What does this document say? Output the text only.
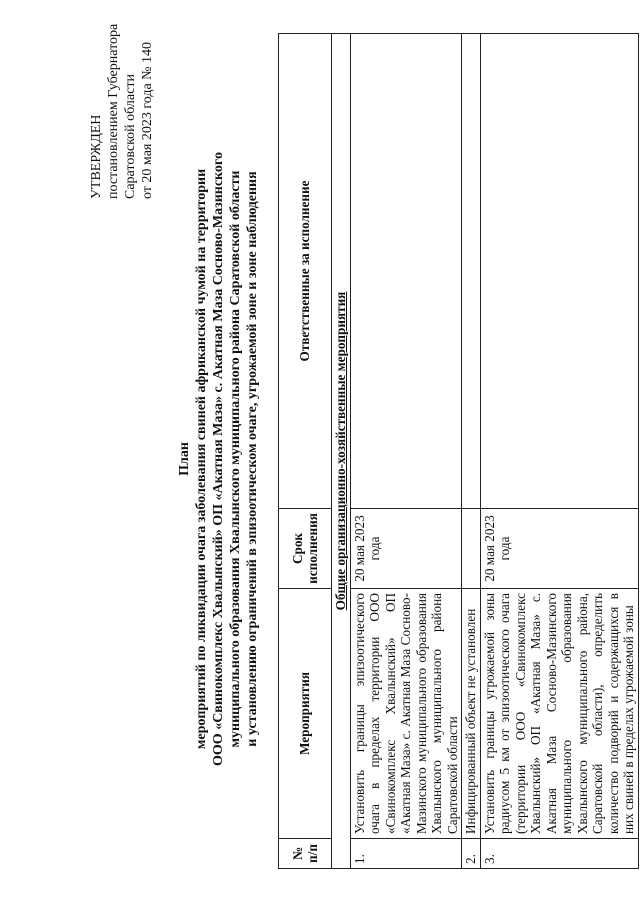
УТВЕРЖДЕН постановлением Губернатора Саратовской области от 20 мая 2023 года № 140
План мероприятий по ликвидации очага заболевания свиней африканской чумой на территории ООО «Свинокомплекс Хвалынский» ОП «Акатная Маза» с. Акатная Маза Сосново-Мазинского муниципального образования Хвалынского муниципального района Саратовской области и установлению ограничений в эпизоотическом очаге, угрожаемой зоне и зоне наблюдения
№ п/п	Мероприятия	Срок исполнения	Ответственные за исполнение
Общие организационно-хозяйственные мероприятия			
1.	Установить границы эпизоотического очага в пределах территории ООО «Свинокомплекс Хвалынский» ОП «Акатная Маза» с. Акатная Маза Сосново-Мазинского муниципального образования Хвалынского муниципального района Саратовской области	20 мая 2023 года	
2.	Инфицированный объект не установлен		
3.	Установить границы угрожаемой зоны радиусом 5 км от эпизоотического очага (территории ООО «Свинокомплекс Хвалынский» ОП «Акатная Маза» с. Акатная Маза Сосново-Мазинского муниципального образования Хвалынского муниципального района, Саратовской области), определить количество подворий и содержащихся в них свиней в пределах угрожаемой зоны	20 мая 2023 года	
